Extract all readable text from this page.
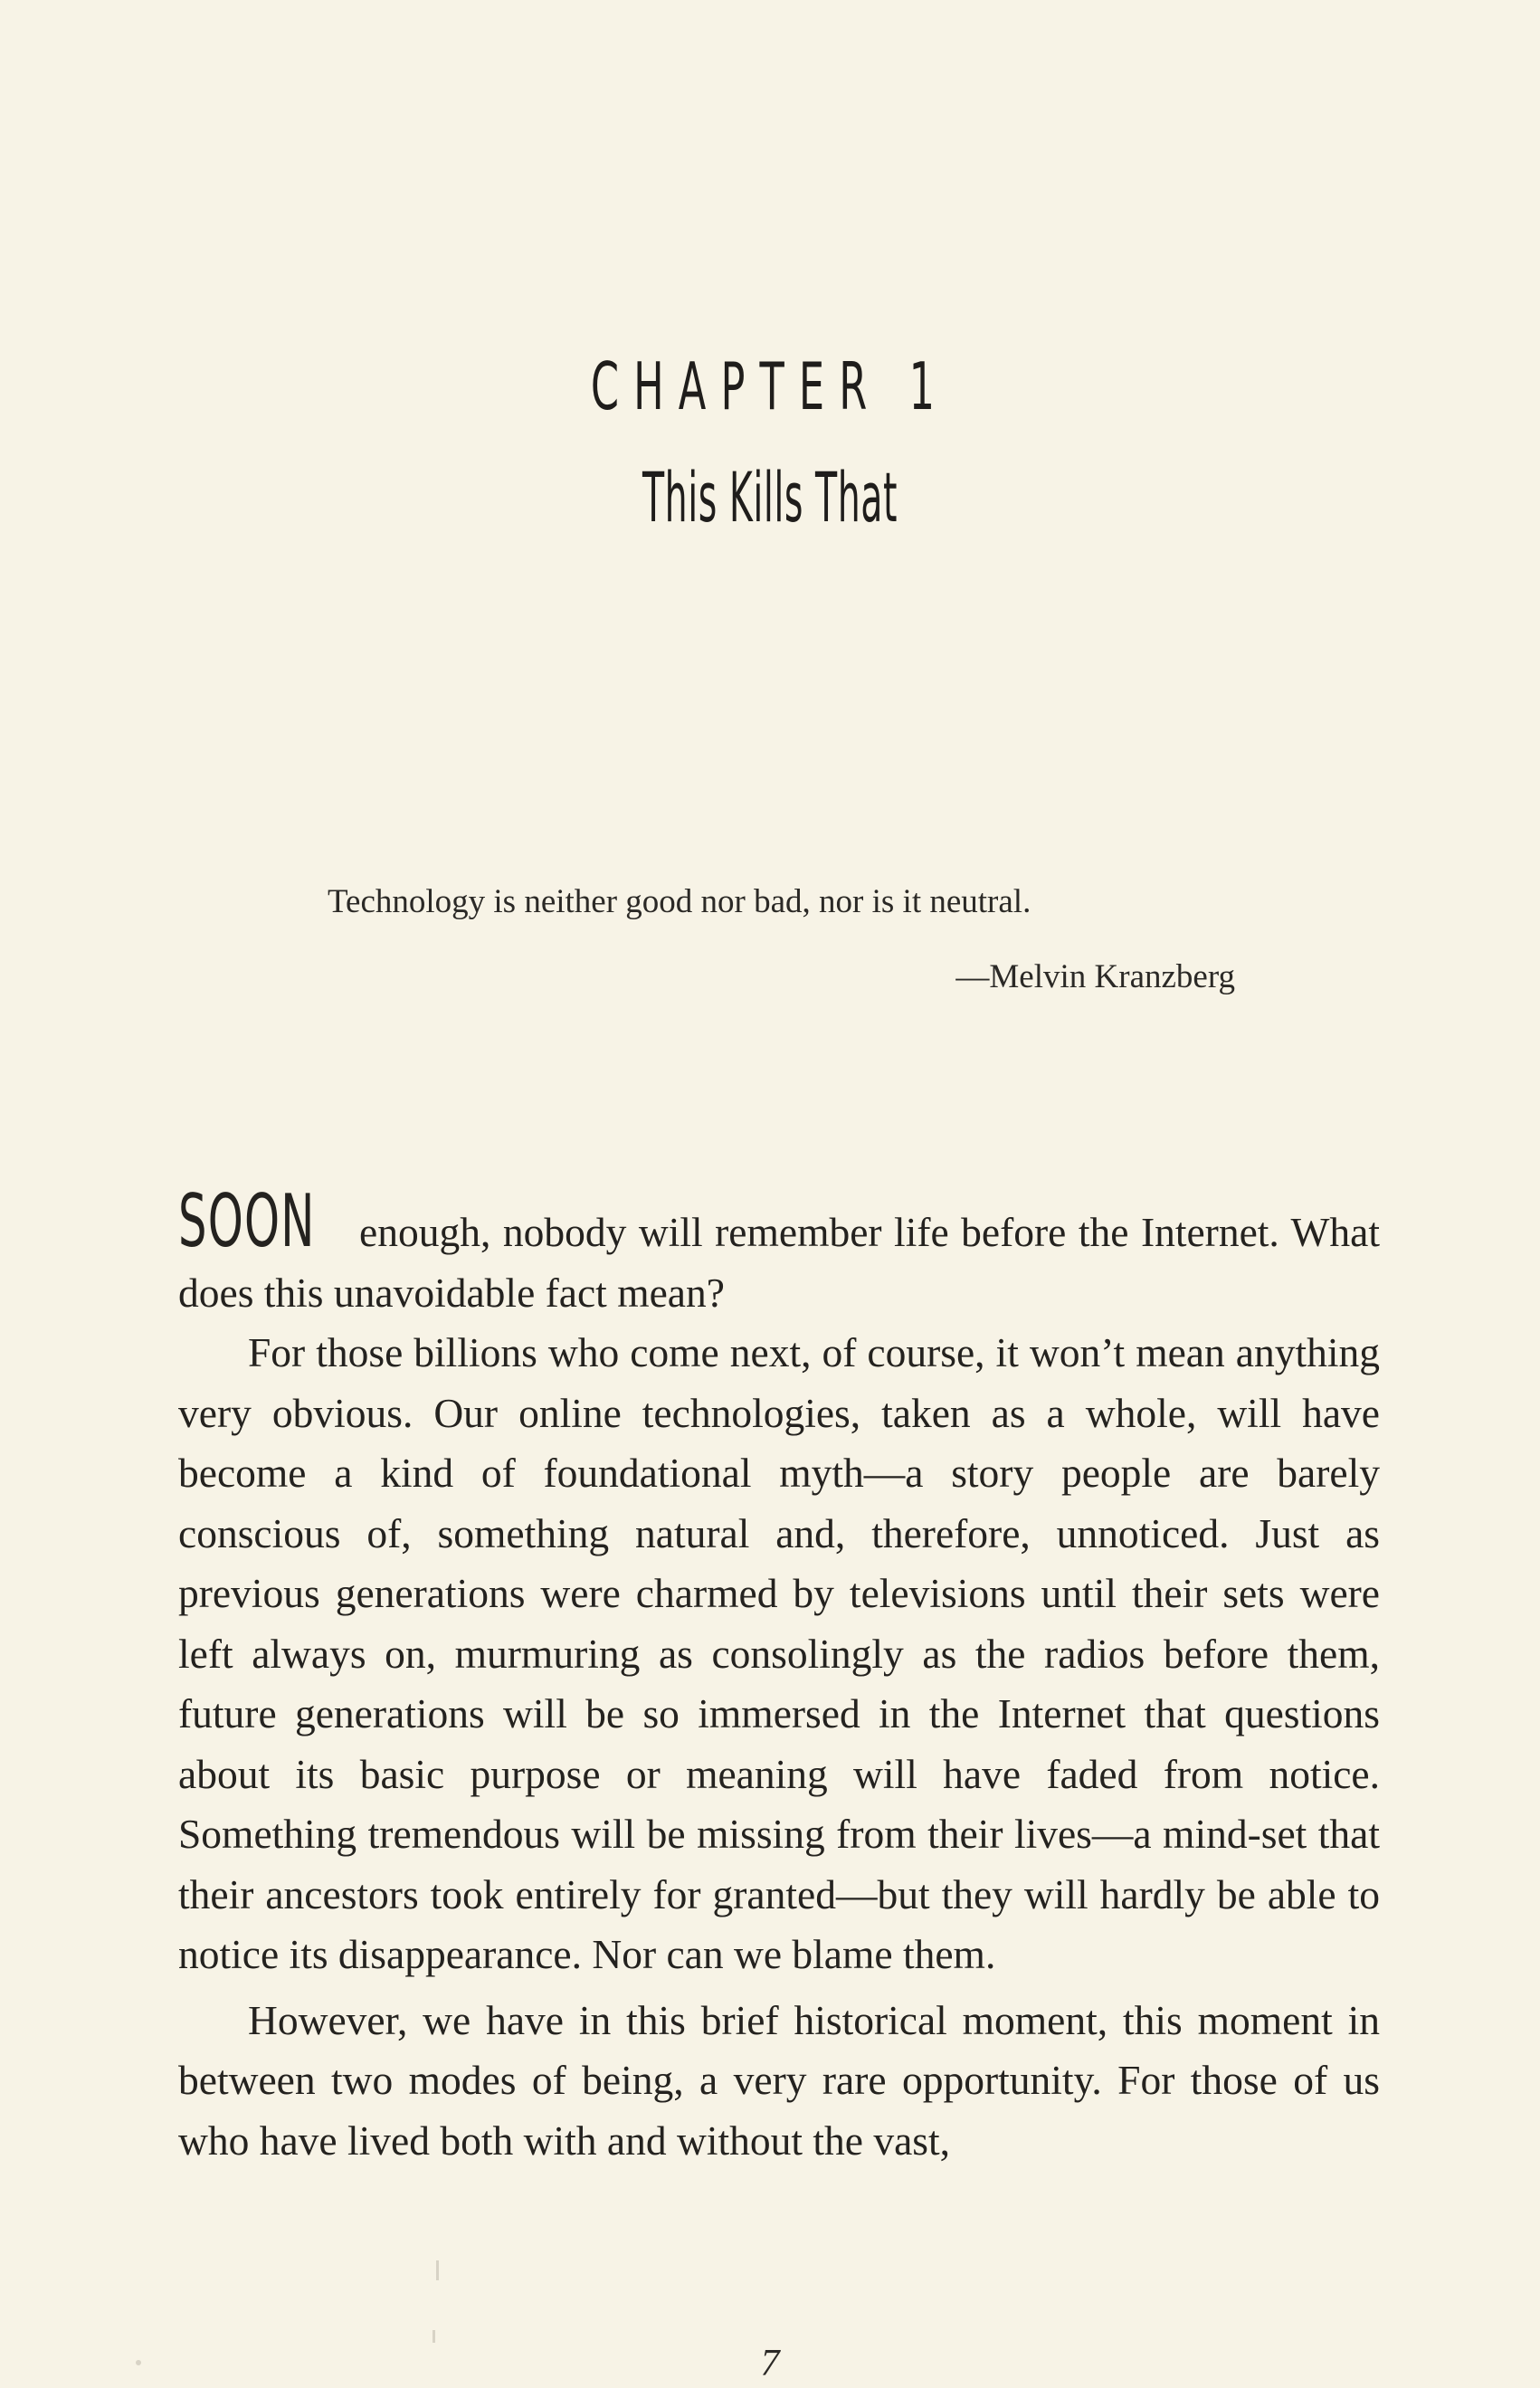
CHAPTER 1
This Kills That
Technology is neither good nor bad, nor is it neutral.
—Melvin Kranzberg

SOON enough, nobody will remember life before the Internet. What does this unavoidable fact mean?

For those billions who come next, of course, it won’t mean anything very obvious. Our online technologies, taken as a whole, will have become a kind of foundational myth—a story people are barely conscious of, something natural and, therefore, unnoticed. Just as previous generations were charmed by televisions until their sets were left always on, murmuring as consolingly as the radios before them, future generations will be so immersed in the Internet that questions about its basic purpose or meaning will have faded from notice. Something tremendous will be missing from their lives—a mind-set that their ancestors took entirely for granted—but they will hardly be able to notice its disappearance. Nor can we blame them.

However, we have in this brief historical moment, this moment in between two modes of being, a very rare opportunity. For those of us who have lived both with and without the vast,

7
